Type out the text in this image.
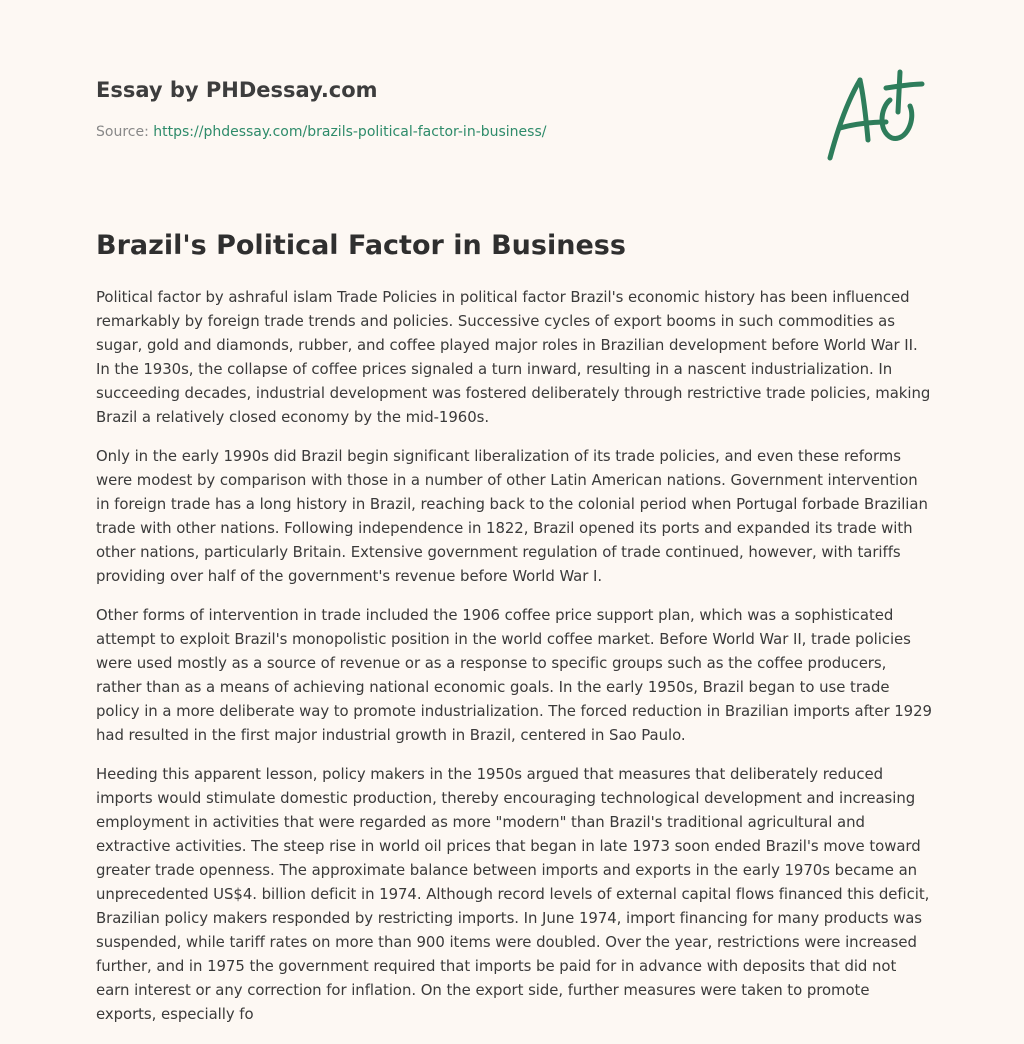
Essay by PHDessay.com
Source: https://phdessay.com/brazils-political-factor-in-business/
Brazil's Political Factor in Business

Political factor by ashraful islam Trade Policies in political factor Brazil's economic history has been influenced remarkably by foreign trade trends and policies. Successive cycles of export booms in such commodities as sugar, gold and diamonds, rubber, and coffee played major roles in Brazilian development before World War II. In the 1930s, the collapse of coffee prices signaled a turn inward, resulting in a nascent industrialization. In succeeding decades, industrial development was fostered deliberately through restrictive trade policies, making Brazil a relatively closed economy by the mid-1960s.

Only in the early 1990s did Brazil begin significant liberalization of its trade policies, and even these reforms were modest by comparison with those in a number of other Latin American nations. Government intervention in foreign trade has a long history in Brazil, reaching back to the colonial period when Portugal forbade Brazilian trade with other nations. Following independence in 1822, Brazil opened its ports and expanded its trade with other nations, particularly Britain. Extensive government regulation of trade continued, however, with tariffs providing over half of the government's revenue before World War I.

Other forms of intervention in trade included the 1906 coffee price support plan, which was a sophisticated attempt to exploit Brazil's monopolistic position in the world coffee market. Before World War II, trade policies were used mostly as a source of revenue or as a response to specific groups such as the coffee producers, rather than as a means of achieving national economic goals. In the early 1950s, Brazil began to use trade policy in a more deliberate way to promote industrialization. The forced reduction in Brazilian imports after 1929 had resulted in the first major industrial growth in Brazil, centered in Sao Paulo.

Heeding this apparent lesson, policy makers in the 1950s argued that measures that deliberately reduced imports would stimulate domestic production, thereby encouraging technological development and increasing employment in activities that were regarded as more "modern" than Brazil's traditional agricultural and extractive activities. The steep rise in world oil prices that began in late 1973 soon ended Brazil's move toward greater trade openness. The approximate balance between imports and exports in the early 1970s became an unprecedented US$4. billion deficit in 1974. Although record levels of external capital flows financed this deficit, Brazilian policy makers responded by restricting imports. In June 1974, import financing for many products was suspended, while tariff rates on more than 900 items were doubled. Over the year, restrictions were increased further, and in 1975 the government required that imports be paid for in advance with deposits that did not earn interest or any correction for inflation. On the export side, further measures were taken to promote exports, especially fo
